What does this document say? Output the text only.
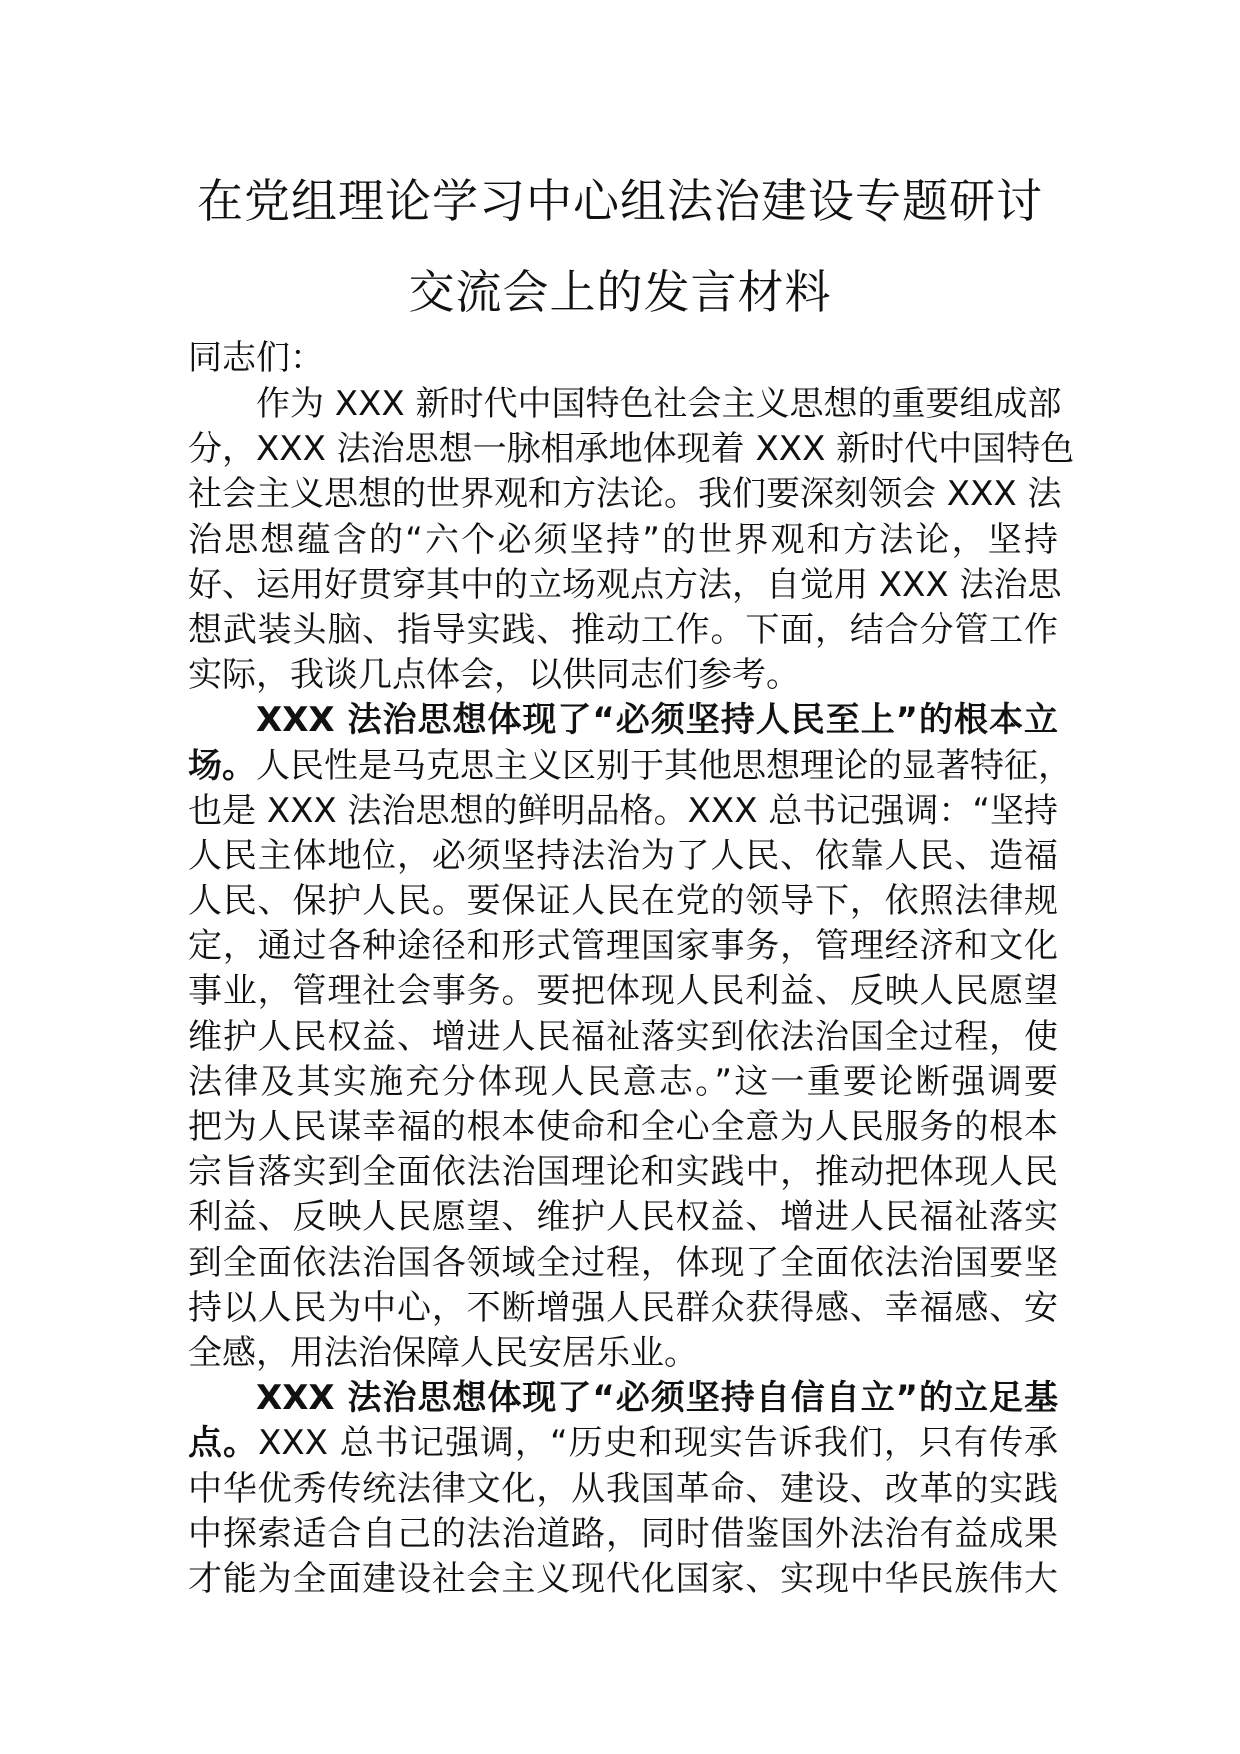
在党组理论学习中心组法治建设专题研讨
交流会上的发言材料
同志们：
作为 XXX 新时代中国特色社会主义思想的重要组成部
分，XXX 法治思想一脉相承地体现着 XXX 新时代中国特色
社会主义思想的世界观和方法论。我们要深刻领会 XXX 法
治思想蕴含的“六个必须坚持”的世界观和方法论，坚持
好、运用好贯穿其中的立场观点方法，自觉用 XXX 法治思
想武装头脑、指导实践、推动工作。下面，结合分管工作
实际，我谈几点体会，以供同志们参考。
XXX 法治思想体现了“必须坚持人民至上”的根本立
场。人民性是马克思主义区别于其他思想理论的显著特征，
也是 XXX 法治思想的鲜明品格。XXX 总书记强调：“坚持
人民主体地位，必须坚持法治为了人民、依靠人民、造福
人民、保护人民。要保证人民在党的领导下，依照法律规
定，通过各种途径和形式管理国家事务，管理经济和文化
事业，管理社会事务。要把体现人民利益、反映人民愿望
维护人民权益、增进人民福祉落实到依法治国全过程，使
法律及其实施充分体现人民意志。”这一重要论断强调要
把为人民谋幸福的根本使命和全心全意为人民服务的根本
宗旨落实到全面依法治国理论和实践中，推动把体现人民
利益、反映人民愿望、维护人民权益、增进人民福祉落实
到全面依法治国各领域全过程，体现了全面依法治国要坚
持以人民为中心，不断增强人民群众获得感、幸福感、安
全感，用法治保障人民安居乐业。
XXX 法治思想体现了“必须坚持自信自立”的立足基
点。XXX 总书记强调，“历史和现实告诉我们，只有传承
中华优秀传统法律文化，从我国革命、建设、改革的实践
中探索适合自己的法治道路，同时借鉴国外法治有益成果
才能为全面建设社会主义现代化国家、实现中华民族伟大
